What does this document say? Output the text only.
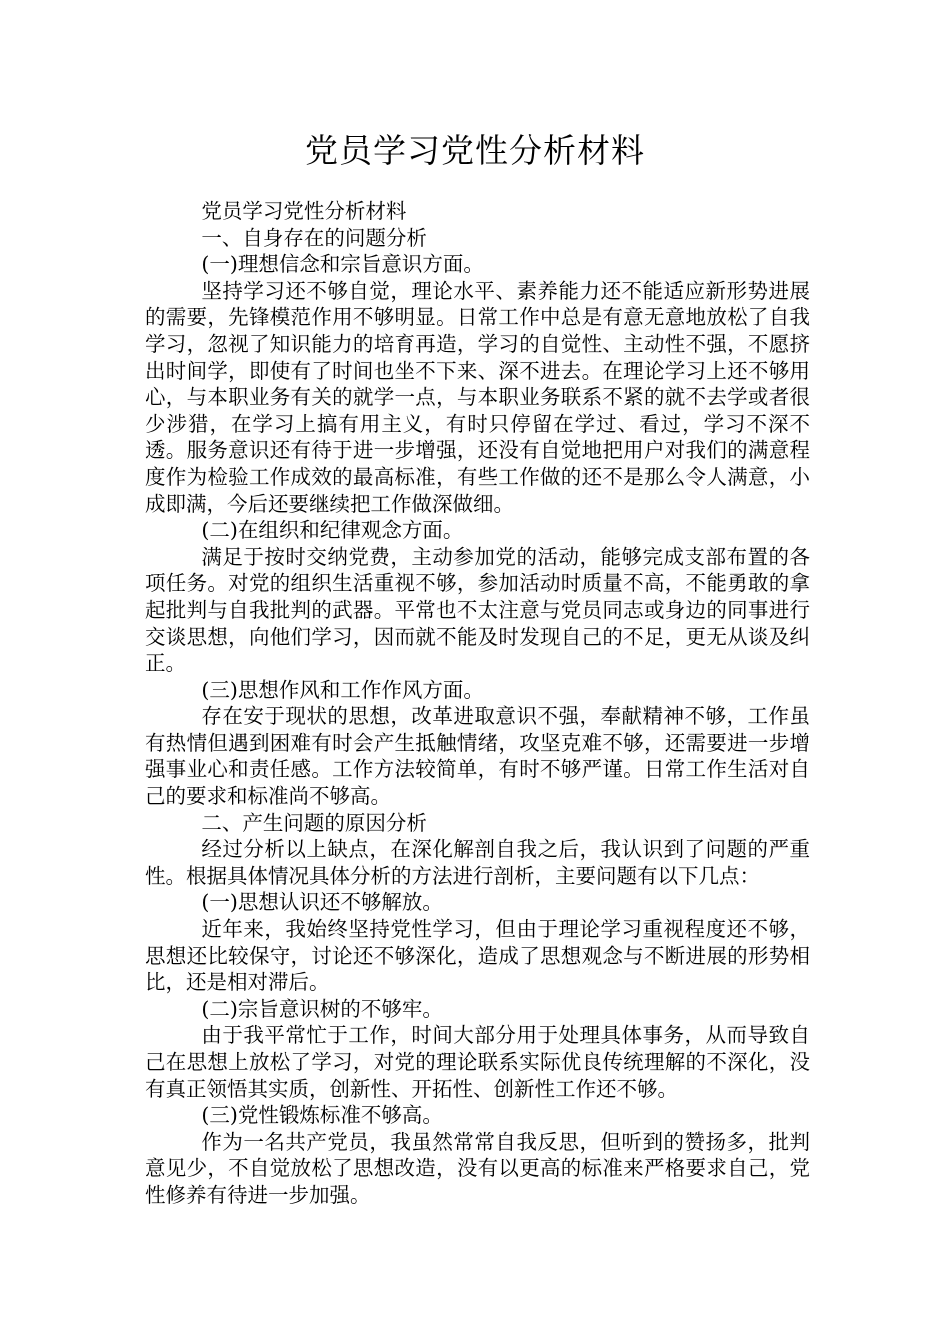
党员学习党性分析材料

党员学习党性分析材料

一、自身存在的问题分析

(一)理想信念和宗旨意识方面。

坚持学习还不够自觉，理论水平、素养能力还不能适应新形势进展的需要，先锋模范作用不够明显。日常工作中总是有意无意地放松了自我学习，忽视了知识能力的培育再造，学习的自觉性、主动性不强，不愿挤出时间学，即使有了时间也坐不下来、深不进去。在理论学习上还不够用心，与本职业务有关的就学一点，与本职业务联系不紧的就不去学或者很少涉猎，在学习上搞有用主义，有时只停留在学过、看过，学习不深不透。服务意识还有待于进一步增强，还没有自觉地把用户对我们的满意程度作为检验工作成效的最高标准，有些工作做的还不是那么令人满意，小成即满，今后还要继续把工作做深做细。

(二)在组织和纪律观念方面。

满足于按时交纳党费，主动参加党的活动，能够完成支部布置的各项任务。对党的组织生活重视不够，参加活动时质量不高，不能勇敢的拿起批判与自我批判的武器。平常也不太注意与党员同志或身边的同事进行交谈思想，向他们学习，因而就不能及时发现自己的不足，更无从谈及纠正。

(三)思想作风和工作作风方面。

存在安于现状的思想，改革进取意识不强，奉献精神不够，工作虽有热情但遇到困难有时会产生抵触情绪，攻坚克难不够，还需要进一步增强事业心和责任感。工作方法较简单，有时不够严谨。日常工作生活对自己的要求和标准尚不够高。

二、产生问题的原因分析

经过分析以上缺点，在深化解剖自我之后，我认识到了问题的严重性。根据具体情况具体分析的方法进行剖析，主要问题有以下几点：

(一)思想认识还不够解放。

近年来，我始终坚持党性学习，但由于理论学习重视程度还不够，思想还比较保守，讨论还不够深化，造成了思想观念与不断进展的形势相比，还是相对滞后。

(二)宗旨意识树的不够牢。

由于我平常忙于工作，时间大部分用于处理具体事务，从而导致自己在思想上放松了学习，对党的理论联系实际优良传统理解的不深化，没有真正领悟其实质，创新性、开拓性、创新性工作还不够。

(三)党性锻炼标准不够高。

作为一名共产党员，我虽然常常自我反思，但听到的赞扬多，批判意见少，不自觉放松了思想改造，没有以更高的标准来严格要求自己，党性修养有待进一步加强。
